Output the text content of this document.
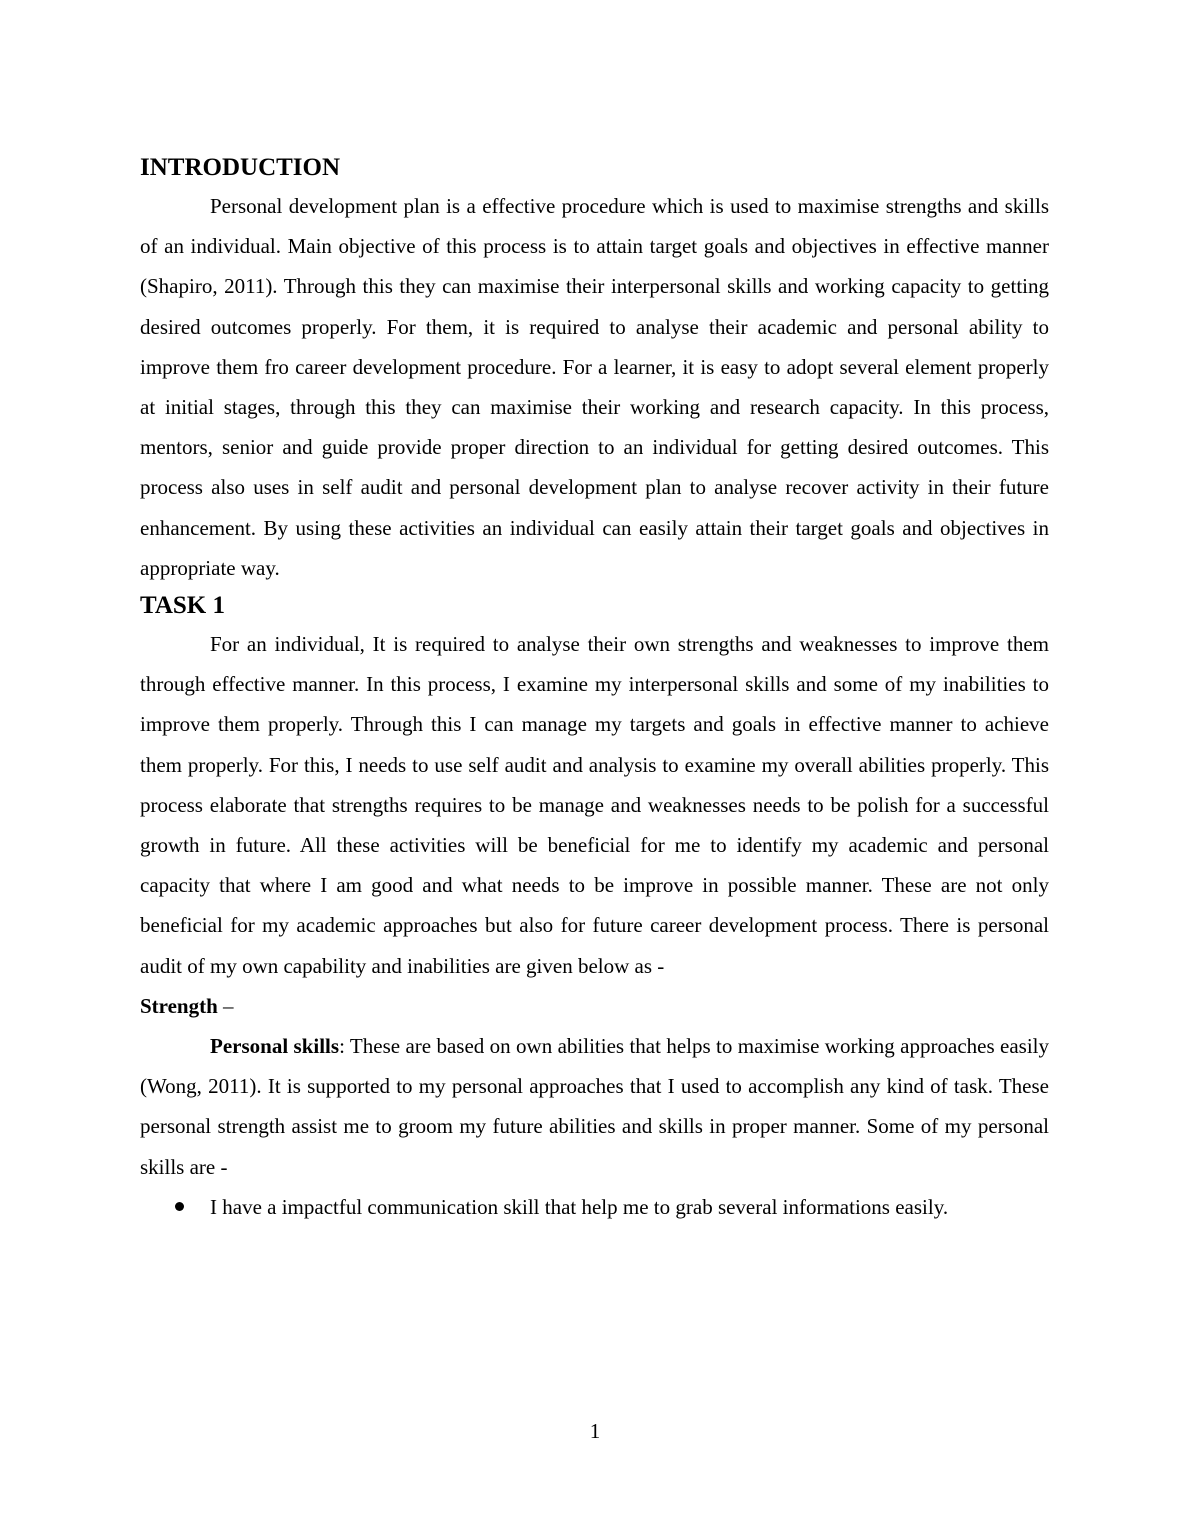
INTRODUCTION

Personal development plan is a effective procedure which is used to maximise strengths and skills of an individual. Main objective of this process is to attain target goals and objectives in effective manner (Shapiro, 2011). Through this they can maximise their interpersonal skills and working capacity to getting desired outcomes properly. For them, it is required to analyse their academic and personal ability to improve them fro career development procedure. For a learner, it is easy to adopt several element properly at initial stages, through this they can maximise their working and research capacity. In this process, mentors, senior and guide provide proper direction to an individual for getting desired outcomes. This process also uses in self audit and personal development plan to analyse recover activity in their future enhancement. By using these activities an individual can easily attain their target goals and objectives in appropriate way.

TASK 1

For an individual, It is required to analyse their own strengths and weaknesses to improve them through effective manner. In this process, I examine my interpersonal skills and some of my inabilities to improve them properly. Through this I can manage my targets and goals in effective manner to achieve them properly. For this, I needs to use self audit and analysis to examine my overall abilities properly. This process elaborate that strengths requires to be manage and weaknesses needs to be polish for a successful growth in future. All these activities will be beneficial for me to identify my academic and personal capacity that where I am good and what needs to be improve in possible manner. These are not only beneficial for my academic approaches but also for future career development process. There is personal audit of my own capability and inabilities are given below as -

Strength –

Personal skills: These are based on own abilities that helps to maximise working approaches easily (Wong, 2011). It is supported to my personal approaches that I used to accomplish any kind of task. These personal strength assist me to groom my future abilities and skills in proper manner. Some of my personal skills are -

I have a impactful communication skill that help me to grab several informations easily.
1
